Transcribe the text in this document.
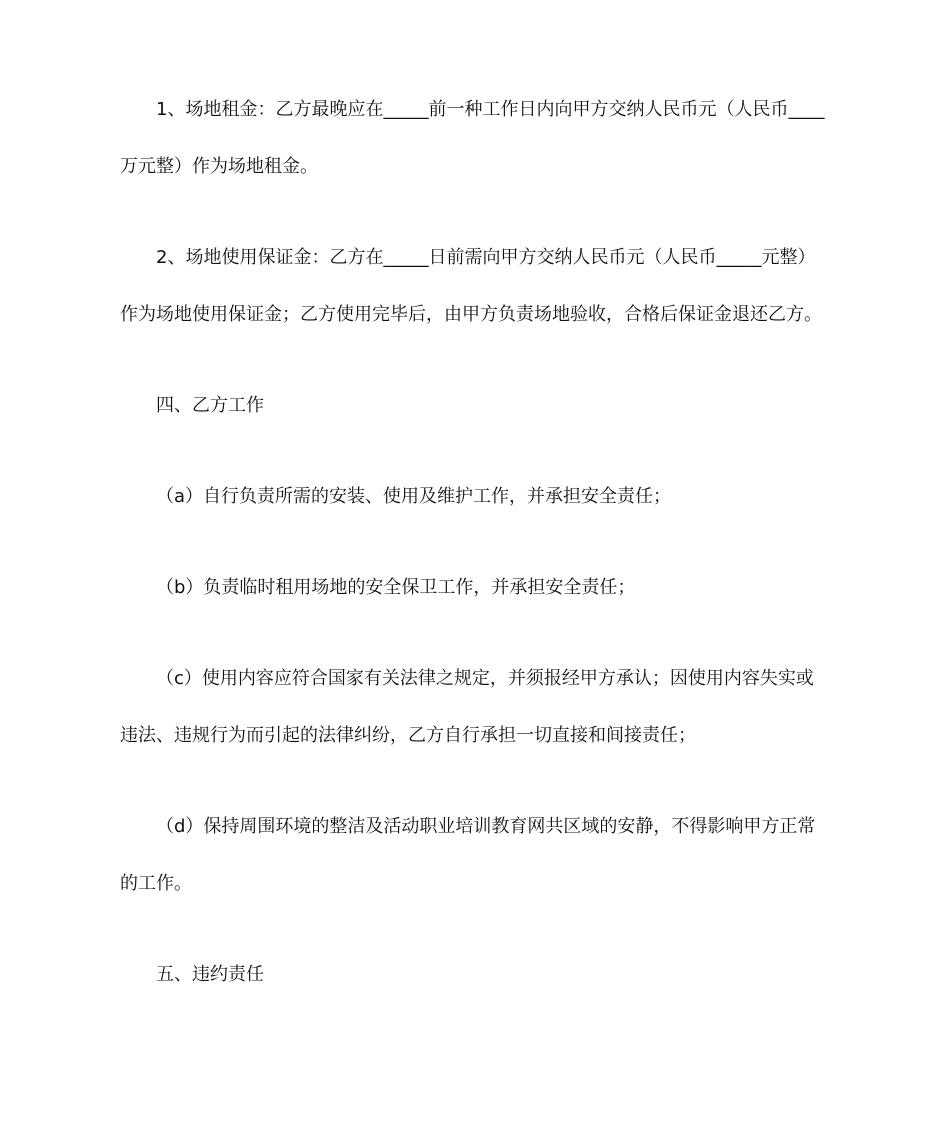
1、场地租金：乙方最晚应在_____前一种工作日内向甲方交纳人民币元（人民币____
万元整）作为场地租金。

2、场地使用保证金：乙方在_____日前需向甲方交纳人民币元（人民币_____元整）
作为场地使用保证金；乙方使用完毕后，由甲方负责场地验收，合格后保证金退还乙方。

四、乙方工作

（a）自行负责所需的安装、使用及维护工作，并承担安全责任；

（b）负责临时租用场地的安全保卫工作，并承担安全责任；

（c）使用内容应符合国家有关法律之规定，并须报经甲方承认；因使用内容失实或
违法、违规行为而引起的法律纠纷，乙方自行承担一切直接和间接责任；

（d）保持周围环境的整洁及活动职业培训教育网共区域的安静，不得影响甲方正常
的工作。

五、违约责任
